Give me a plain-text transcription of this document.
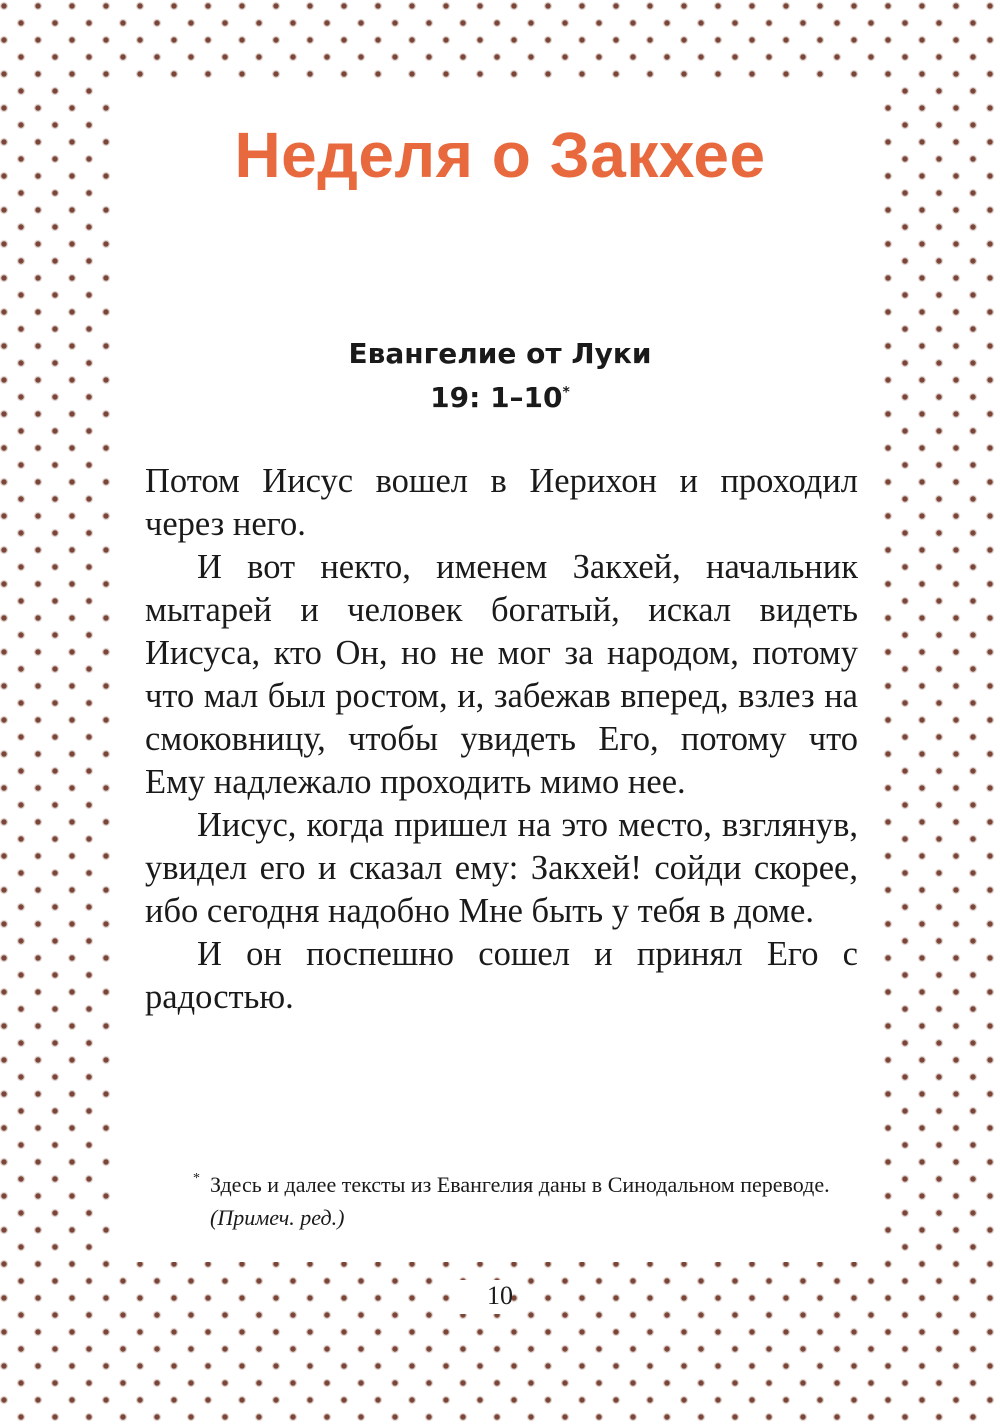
Неделя о Закхее
Евангелие от Луки
19: 1–10*

Потом Иисус вошел в Иерихон и проходил через него.

И вот некто, именем Закхей, начальник мытарей и человек богатый, искал видеть Иисуса, кто Он, но не мог за народом, потому что мал был ростом, и, забежав вперед, взлез на смоковницу, чтобы увидеть Его, потому что Ему надлежало проходить мимо нее.

Иисус, когда пришел на это место, взглянув, увидел его и сказал ему: Закхей! сойди скорее, ибо сегодня надобно Мне быть у тебя в доме.

И он поспешно сошел и принял Его с радостью.

* Здесь и далее тексты из Евангелия даны в Синодальном переводе. (Примеч. ред.)
10
